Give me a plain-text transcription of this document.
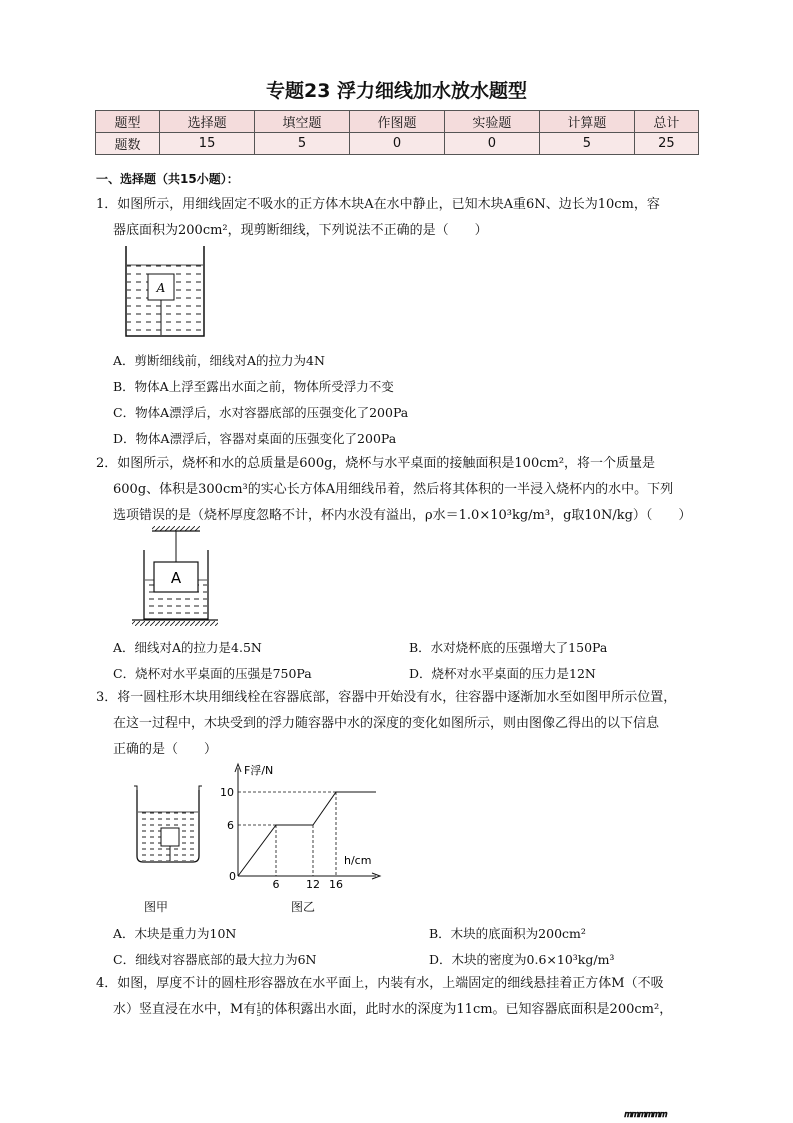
专题23 浮力细线加水放水题型
题型	选择题	填空题	作图题	实验题	计算题	总计
题数	15	5	0	0	5	25
一、选择题（共15小题）：
1．如图所示，用细线固定不吸水的正方体木块A在水中静止，已知木块A重6N、边长为10cm，容

器底面积为200cm²，现剪断细线，下列说法不正确的是（　　）
A
A．剪断细线前，细线对A的拉力为4N
B．物体A上浮至露出水面之前，物体所受浮力不变
C．物体A漂浮后，水对容器底部的压强变化了200Pa
D．物体A漂浮后，容器对桌面的压强变化了200Pa
2．如图所示，烧杯和水的总质量是600g，烧杯与水平桌面的接触面积是100cm²，将一个质量是

600g、体积是300cm³的实心长方体A用细线吊着，然后将其体积的一半浸入烧杯内的水中。下列
选项错误的是（烧杯厚度忽略不计，杯内水没有溢出，ρ水＝1.0×10³kg/m³，g取10N/kg）（　　）
A
A．细线对A的拉力是4.5N	B．水对烧杯底的压强增大了150Pa
C．烧杯对水平桌面的压强是750Pa	D．烧杯对水平桌面的压力是12N
3．将一圆柱形木块用细线栓在容器底部，容器中开始没有水，往容器中逐渐加水至如图甲所示位置，

在这一过程中，木块受到的浮力随容器中水的深度的变化如图所示，则由图像乙得出的以下信息
正确的是（　　）
图甲
F浮/N
h/cm
0
6 12 16
6
10
图乙
A．木块是重力为10N	B．木块的底面积为200cm²
C．细线对容器底部的最大拉力为6N	D．木块的密度为0.6×10³kg/m³
4．如图，厚度不计的圆柱形容器放在水平面上，内装有水，上端固定的细线悬挂着正方体M（不吸

水）竖直浸在水中，M有1
5的体积露出水面，此时水的深度为11cm。已知容器底面积是200cm²，
𝒎𝒎𝒎𝒎𝒎𝒎
